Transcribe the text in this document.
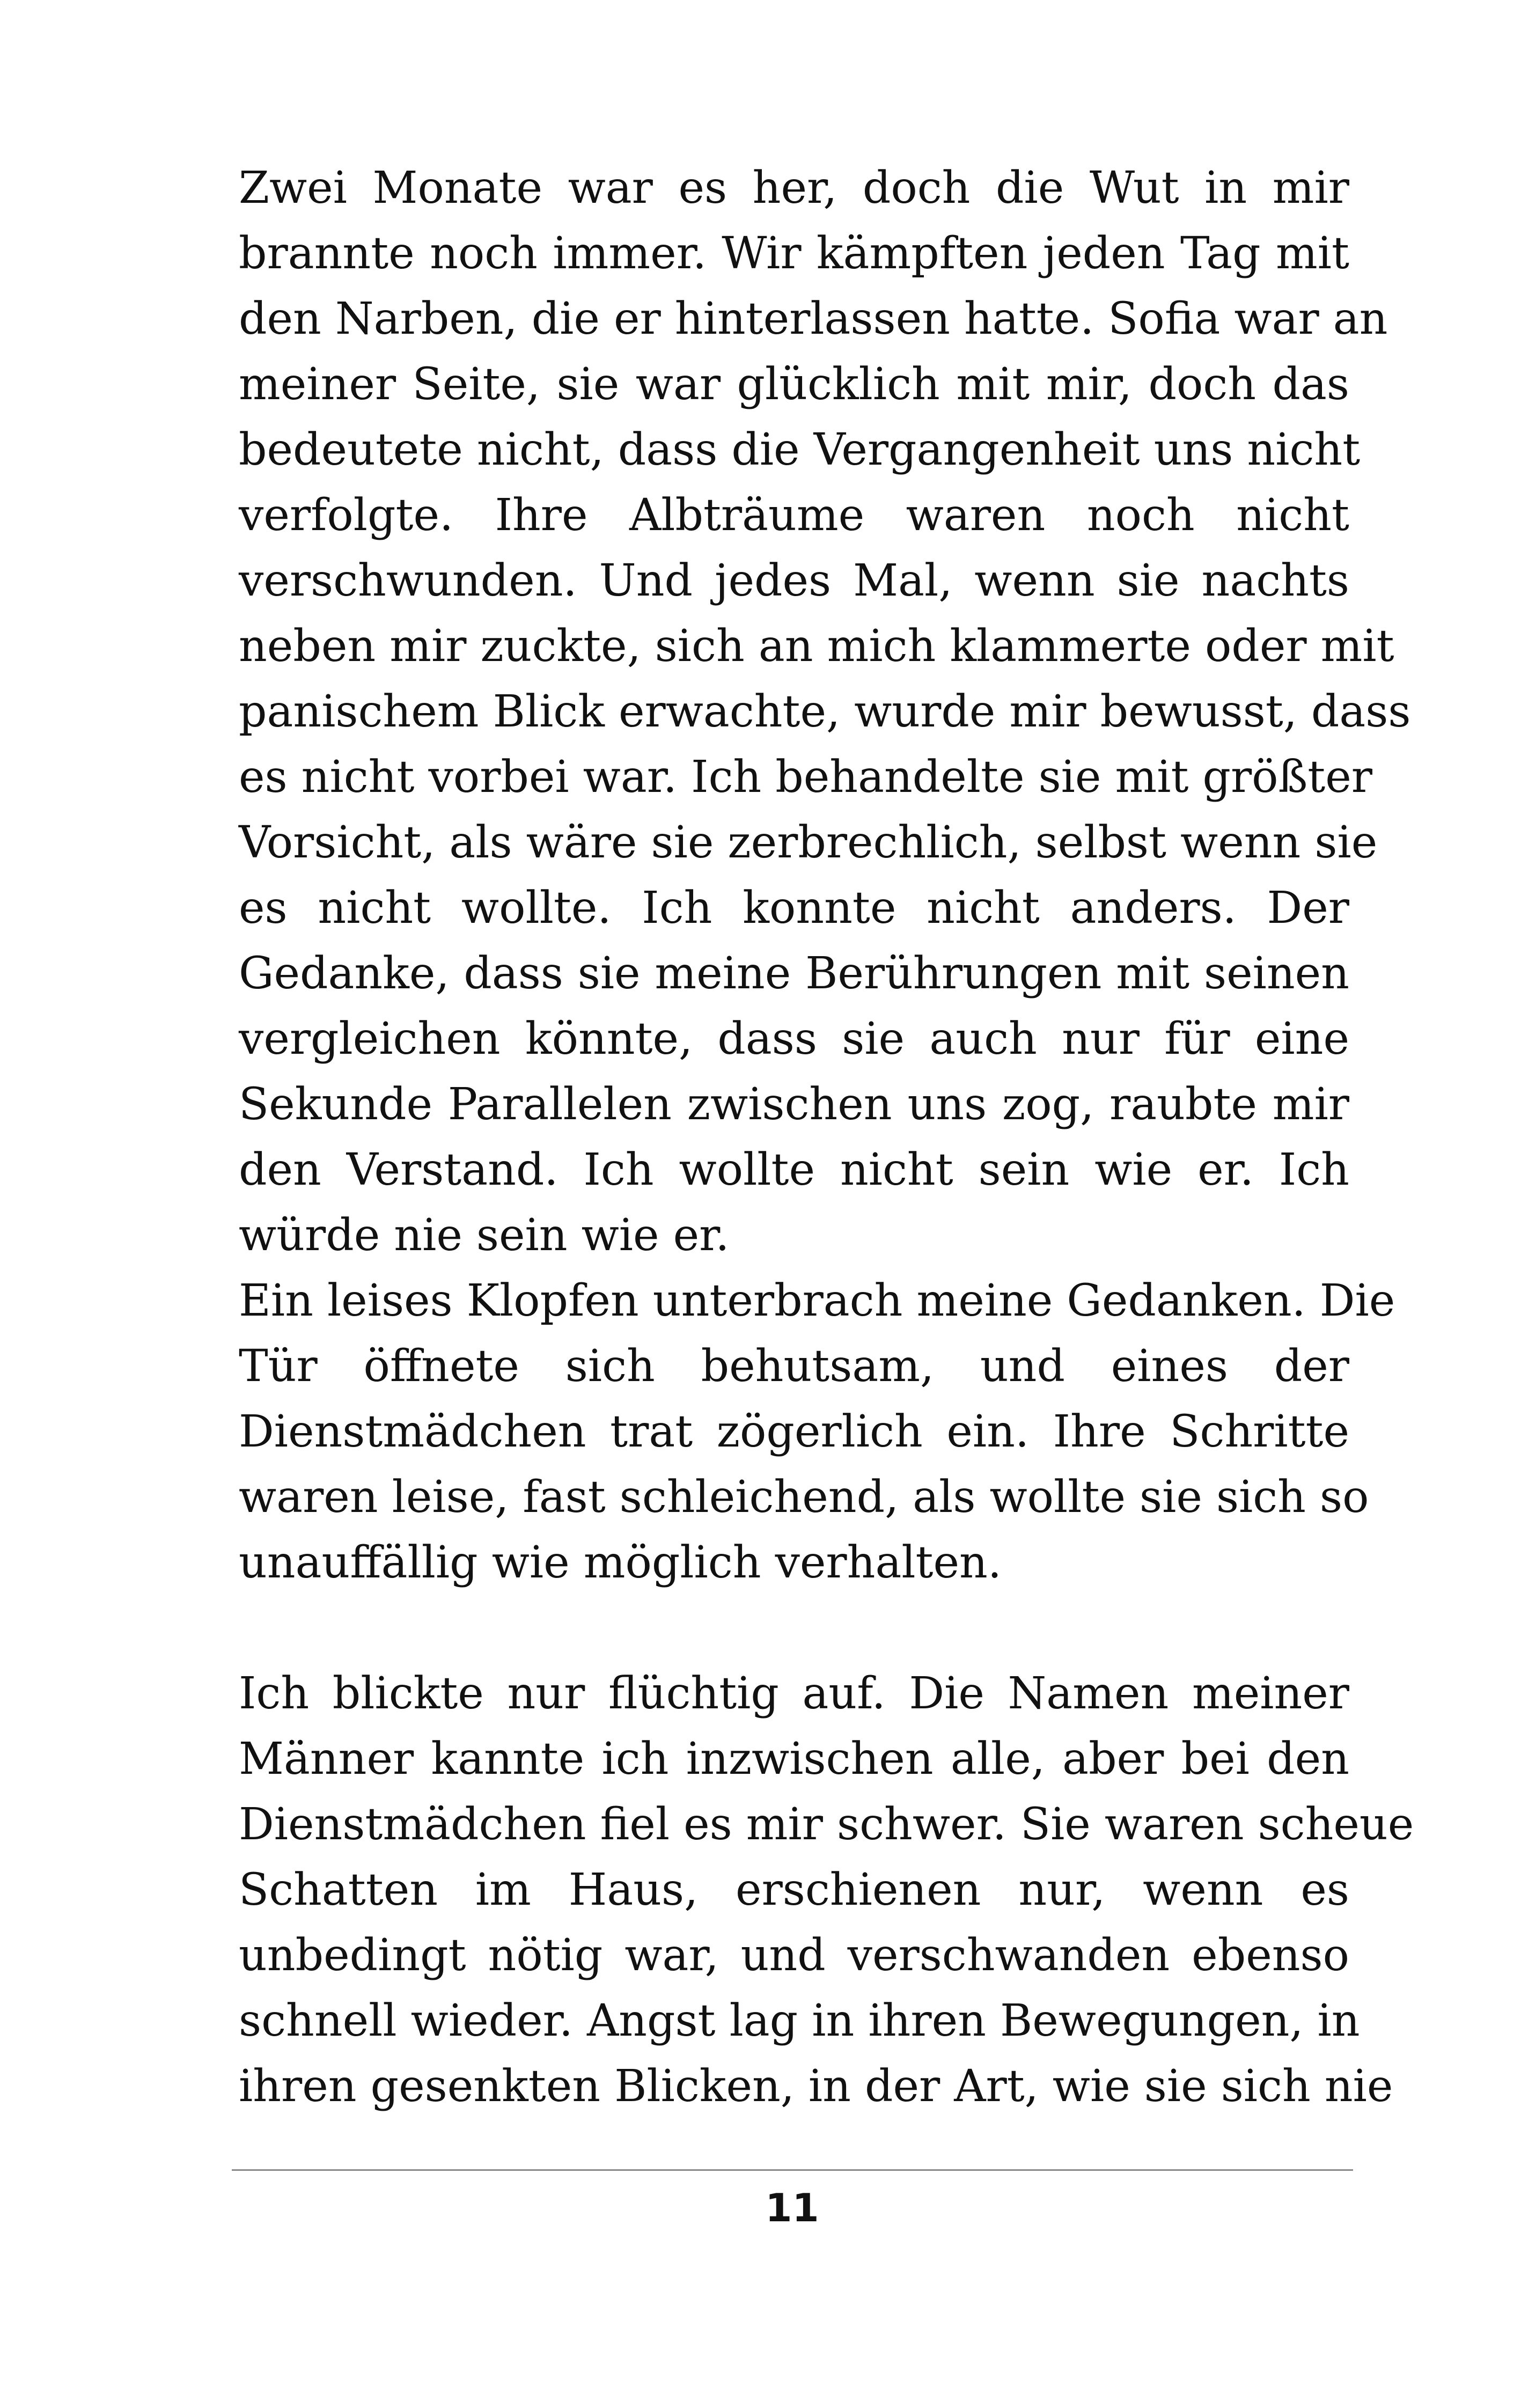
Zwei Monate war es her, doch die Wut in mir
brannte noch immer. Wir kämpften jeden Tag mit
den Narben, die er hinterlassen hatte. Sofia war an
meiner Seite, sie war glücklich mit mir, doch das
bedeutete nicht, dass die Vergangenheit uns nicht
verfolgte. Ihre Albträume waren noch nicht
verschwunden. Und jedes Mal, wenn sie nachts
neben mir zuckte, sich an mich klammerte oder mit
panischem Blick erwachte, wurde mir bewusst, dass
es nicht vorbei war. Ich behandelte sie mit größter
Vorsicht, als wäre sie zerbrechlich, selbst wenn sie
es nicht wollte. Ich konnte nicht anders. Der
Gedanke, dass sie meine Berührungen mit seinen
vergleichen könnte, dass sie auch nur für eine
Sekunde Parallelen zwischen uns zog, raubte mir
den Verstand. Ich wollte nicht sein wie er. Ich
würde nie sein wie er.
Ein leises Klopfen unterbrach meine Gedanken. Die
Tür öffnete sich behutsam, und eines der
Dienstmädchen trat zögerlich ein. Ihre Schritte
waren leise, fast schleichend, als wollte sie sich so
unauffällig wie möglich verhalten.
Ich blickte nur flüchtig auf. Die Namen meiner
Männer kannte ich inzwischen alle, aber bei den
Dienstmädchen fiel es mir schwer. Sie waren scheue
Schatten im Haus, erschienen nur, wenn es
unbedingt nötig war, und verschwanden ebenso
schnell wieder. Angst lag in ihren Bewegungen, in
ihren gesenkten Blicken, in der Art, wie sie sich nie
11
